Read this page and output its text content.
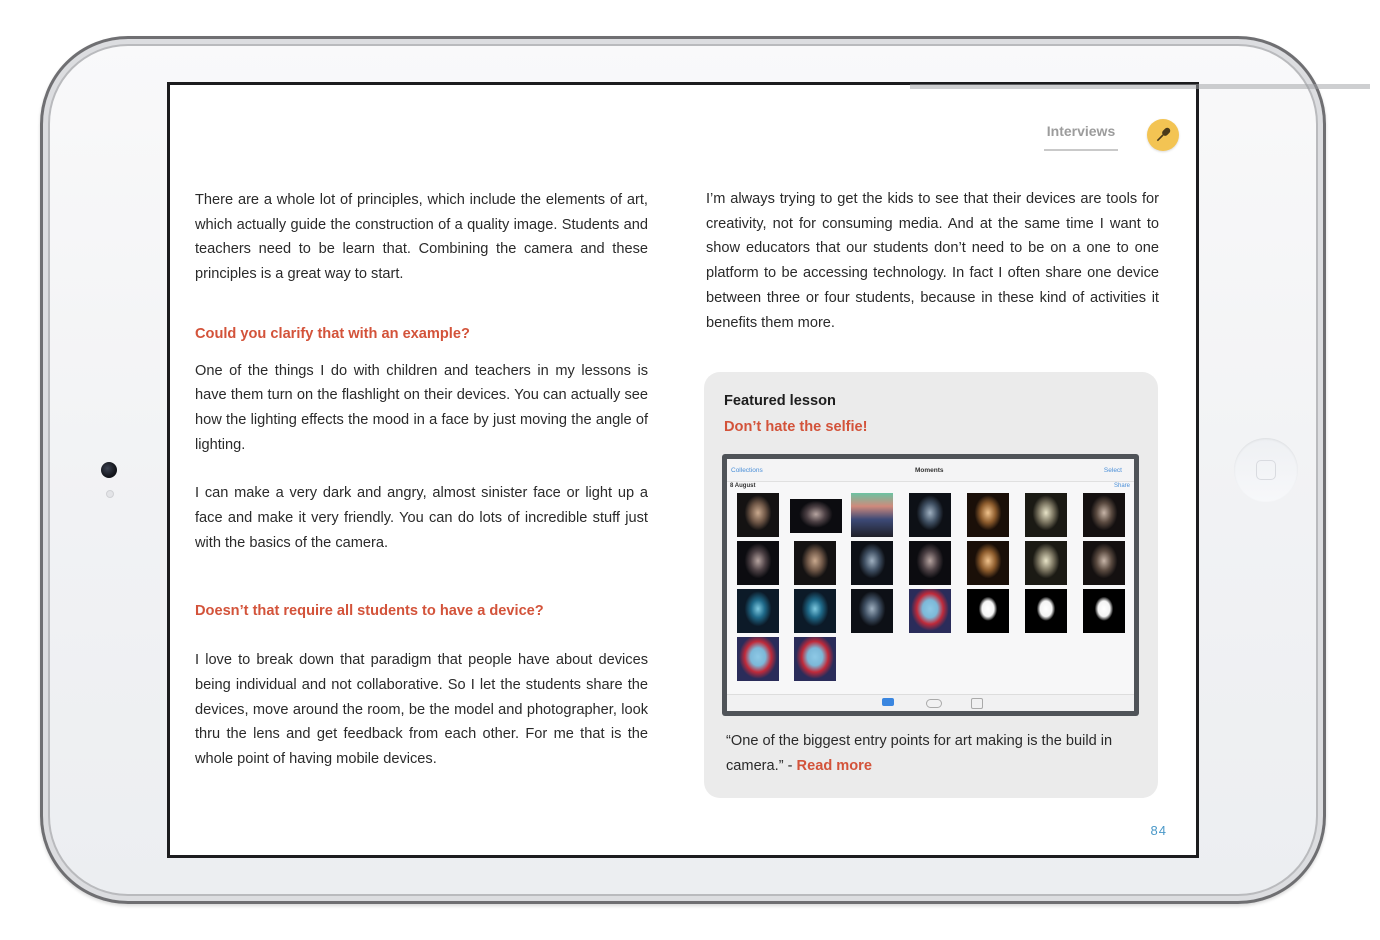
Interviews

There are a whole lot of principles, which include the elements of art, which actually guide the construction of a quality image. Students and teachers need to be learn that. Combining the camera and these principles is a great way to start.

Could you clarify that with an example?

One of the things I do with children and teachers in my lessons is have them turn on the flashlight on their devices. You can actually see how the lighting effects the mood in a face by just moving the angle of lighting.

I can make a very dark and angry, almost sinister face or light up a face and make it very friendly. You can do lots of incredible stuff just with the basics of the camera.

Doesn’t that require all students to have a device?

I love to break down that paradigm that people have about devices being individual and not collaborative. So I let the students share the devices, move around the room, be the model and photographer, look thru the lens and get feedback from each other. For me that is the whole point of having mobile devices.

I’m always trying to get the kids to see that their devices are tools for creativity, not for consuming media. And at the same time I want to show educators that our students don’t need to be on a one to one platform to be accessing technology. In fact I often share one device between three or four students, because in these kind of activities it benefits them more.

Featured lesson
Don’t hate the selfie!
Collections	Moments	Select
8 August	Share
“One of the biggest entry points for art making is the build in camera.” - Read more
84
